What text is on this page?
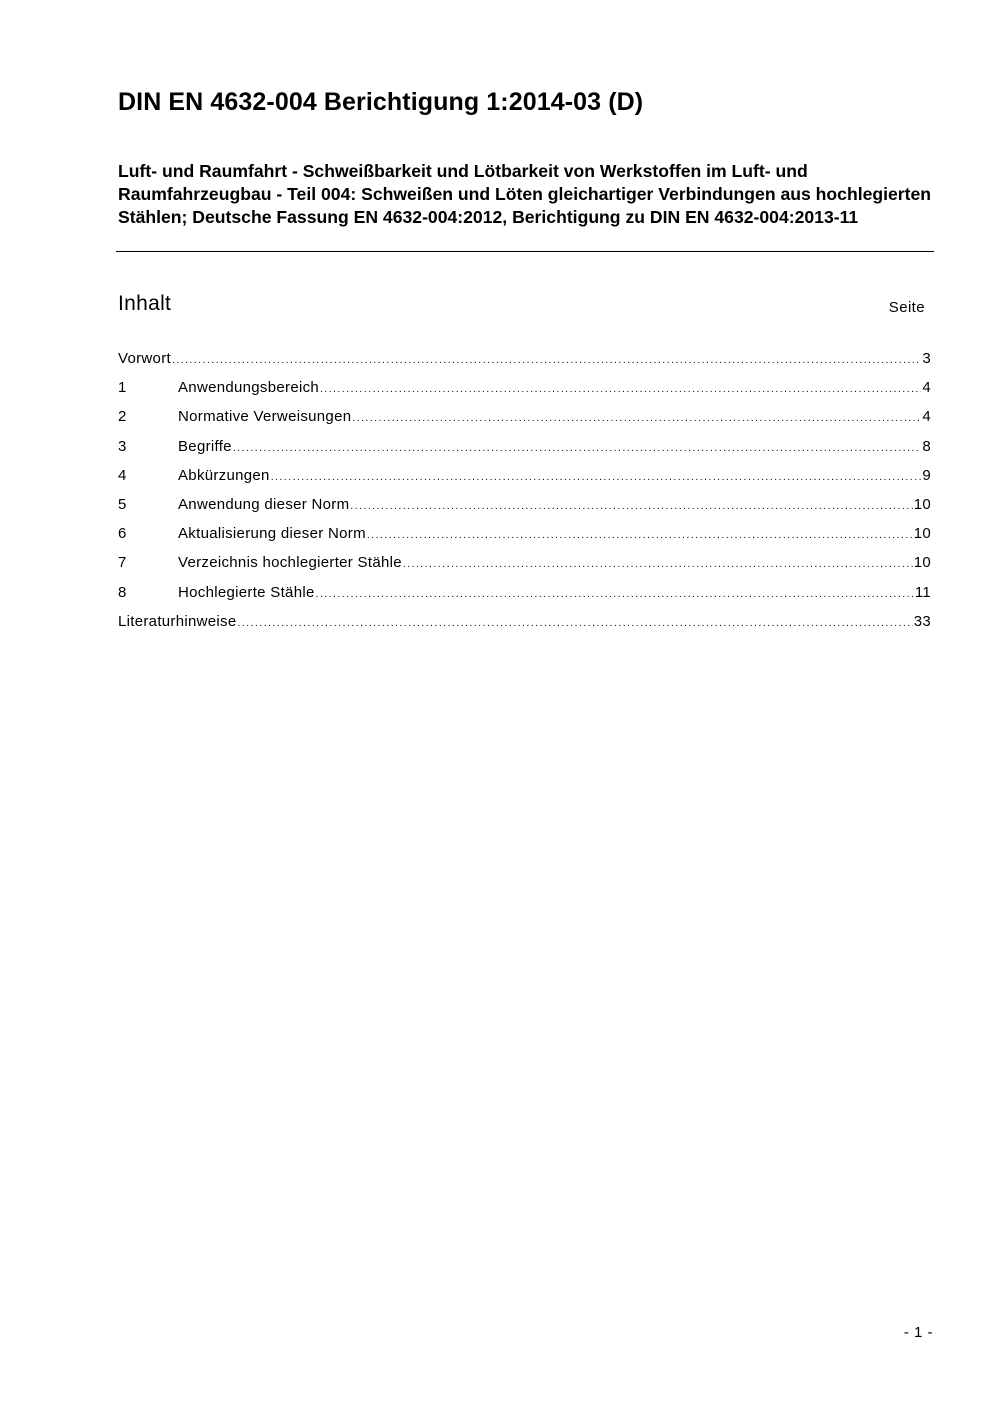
DIN EN 4632-004 Berichtigung 1:2014-03 (D)
Luft- und Raumfahrt - Schweißbarkeit und Lötbarkeit von Werkstoffen im Luft- und Raumfahrzeugbau - Teil 004: Schweißen und Löten gleichartiger Verbindungen aus hochlegierten Stählen; Deutsche Fassung EN 4632-004:2012, Berichtigung zu DIN EN 4632-004:2013-11
Inhalt	Seite
Vorwort .....	3
1	Anwendungsbereich .....	4
2	Normative Verweisungen .....	4
3	Begriffe .....	8
4	Abkürzungen .....	9
5	Anwendung dieser Norm .....	10
6	Aktualisierung dieser Norm .....	10
7	Verzeichnis hochlegierter Stähle .....	10
8	Hochlegierte Stähle .....	11
Literaturhinweise .....	33
- 1 -
